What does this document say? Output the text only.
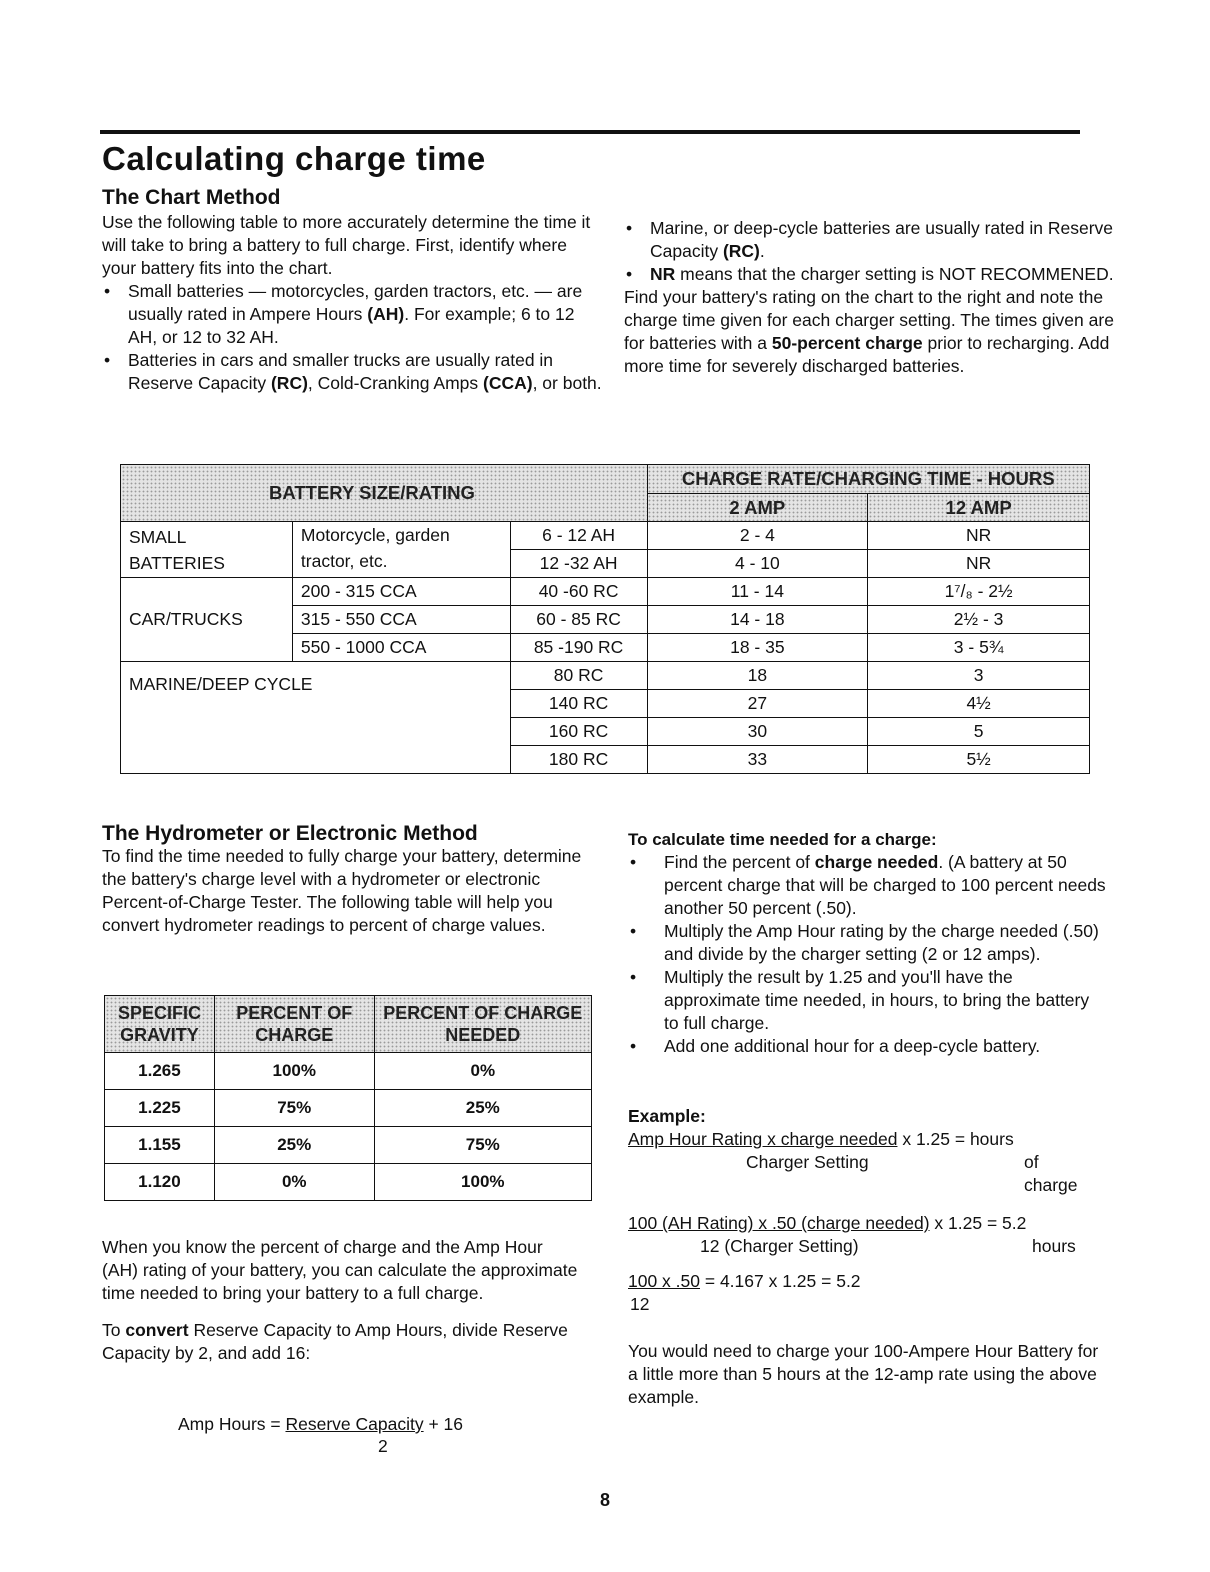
Calculating charge time
The Chart Method

Use the following table to more accurately determine the time it will take to bring a battery to full charge. First, identify where your battery fits into the chart.

• Small batteries — motorcycles, garden tractors, etc. — are usually rated in Ampere Hours (AH). For example; 6 to 12 AH, or 12 to 32 AH.
• Batteries in cars and smaller trucks are usually rated in Reserve Capacity (RC), Cold-Cranking Amps (CCA), or both.
• Marine, or deep-cycle batteries are usually rated in Reserve Capacity (RC).
• NR means that the charger setting is NOT RECOMMENED.

Find your battery's rating on the chart to the right and note the charge time given for each charger setting. The times given are for batteries with a 50-percent charge prior to recharging. Add more time for severely discharged batteries.

BATTERY SIZE/RATING			CHARGE RATE/CHARGING TIME - HOURS	
			2 AMP	12 AMP
SMALL BATTERIES	Motorcycle, garden tractor, etc.	6 - 12 AH	2 - 4	NR
		12 -32 AH	4 - 10	NR
CAR/TRUCKS	200 - 315 CCA	40 -60 RC	11 - 14	1⁷/₈ - 2½
	315 - 550 CCA	60 - 85 RC	14 - 18	2½ - 3
	550 - 1000 CCA	85 -190 RC	18 - 35	3 - 5¾
MARINE/DEEP CYCLE		80 RC	18	3
		140 RC	27	4½
		160 RC	30	5
		180 RC	33	5½
The Hydrometer or Electronic Method

To find the time needed to fully charge your battery, determine the battery's charge level with a hydrometer or electronic Percent-of-Charge Tester. The following table will help you convert hydrometer readings to percent of charge values.

SPECIFIC GRAVITY	PERCENT OF CHARGE	PERCENT OF CHARGE NEEDED
1.265	100%	0%
1.225	75%	25%
1.155	25%	75%
1.120	0%	100%

When you know the percent of charge and the Amp Hour (AH) rating of your battery, you can calculate the approximate time needed to bring your battery to a full charge.

To convert Reserve Capacity to Amp Hours, divide Reserve Capacity by 2, and add 16:

Amp Hours = Reserve Capacity + 16
2

To calculate time needed for a charge:

• Find the percent of charge needed. (A battery at 50 percent charge that will be charged to 100 percent needs another 50 percent (.50).
• Multiply the Amp Hour rating by the charge needed (.50) and divide by the charger setting (2 or 12 amps).
• Multiply the result by 1.25 and you'll have the approximate time needed, in hours, to bring the battery to full charge.
• Add one additional hour for a deep-cycle battery.

Example:

Amp Hour Rating x charge needed x 1.25 = hours
Charger Setting	of
charge
100 (AH Rating) x .50 (charge needed) x 1.25 = 5.2
12 (Charger Setting)	hours
100 x .50 = 4.167 x 1.25 = 5.2
12

You would need to charge your 100-Ampere Hour Battery for a little more than 5 hours at the 12-amp rate using the above example.

8
